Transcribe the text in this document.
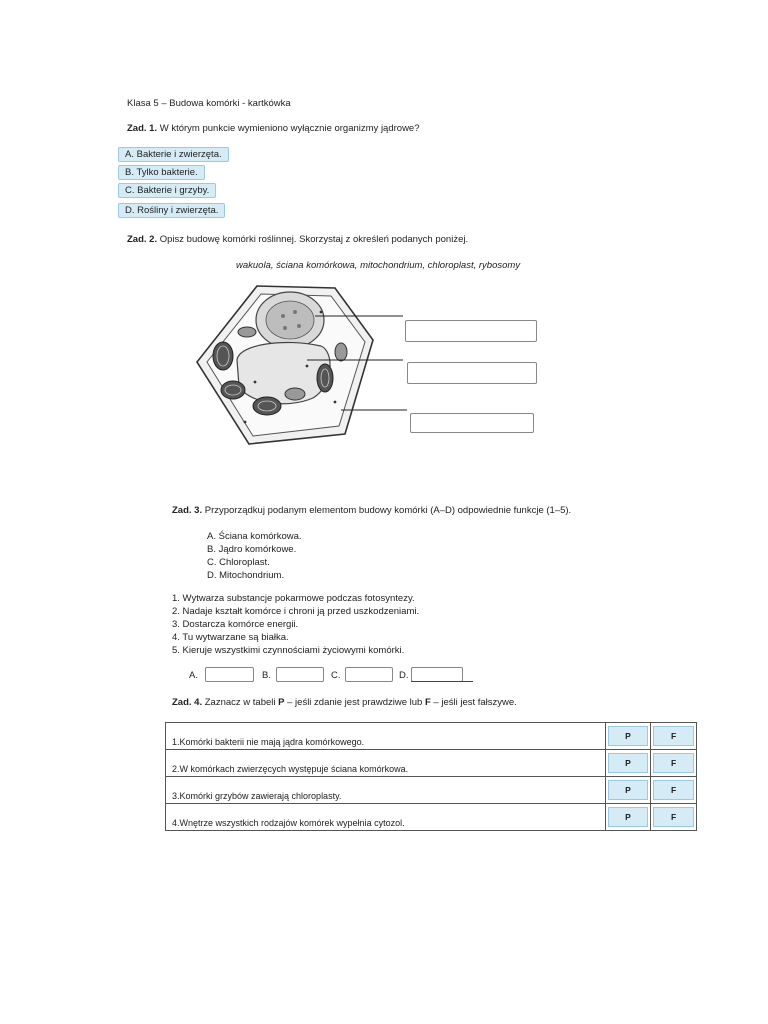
Klasa 5 – Budowa komórki - kartkówka
Zad. 1. W którym punkcie wymieniono wyłącznie organizmy jądrowe?
A. Bakterie i zwierzęta.
B. Tylko bakterie.
C. Bakterie i grzyby.
D. Rośliny i zwierzęta.
Zad. 2. Opisz budowę komórki roślinnej. Skorzystaj z określeń podanych poniżej.
wakuola, ściana komórkowa, mitochondrium, chloroplast, rybosomy
Zad. 3. Przyporządkuj podanym elementom budowy komórki (A–D) odpowiednie funkcje (1–5).
A. Ściana komórkowa.
B. Jądro komórkowe.
C. Chloroplast.
D. Mitochondrium.
1. Wytwarza substancje pokarmowe podczas fotosyntezy.
2. Nadaje kształt komórce i chroni ją przed uszkodzeniami.
3. Dostarcza komórce energii.
4. Tu wytwarzane są białka.
5. Kieruje wszystkimi czynnościami życiowymi komórki.
A.	B.	C.	D.
Zad. 4. Zaznacz w tabeli P – jeśli zdanie jest prawdziwe lub F – jeśli jest fałszywe.
1.Komórki bakterii nie mają jądra komórkowego.	P	F

2.W komórkach zwierzęcych występuje ściana komórkowa.	P	F

3.Komórki grzybów zawierają chloroplasty.	P	F

4.Wnętrze wszystkich rodzajów komórek wypełnia cytozol.	P	F
